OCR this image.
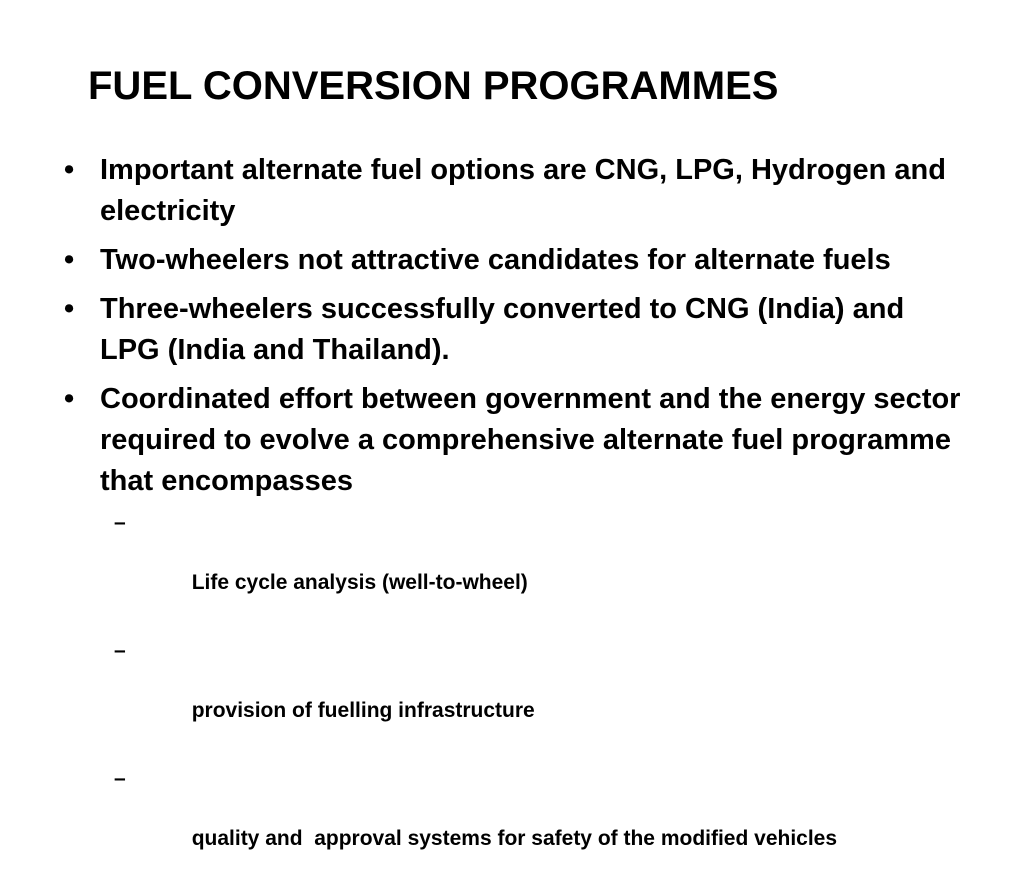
FUEL CONVERSION PROGRAMMES
• Important alternate fuel options are CNG, LPG, Hydrogen and electricity
• Two-wheelers not attractive candidates for alternate fuels
• Three-wheelers successfully converted to CNG (India) and LPG (India and Thailand).
• Coordinated effort between government and the energy sector required to evolve a comprehensive alternate fuel programme that encompasses

–

Life cycle analysis (well-to-wheel)

–

provision of fuelling infrastructure

–

quality and  approval systems for safety of the modified vehicles
